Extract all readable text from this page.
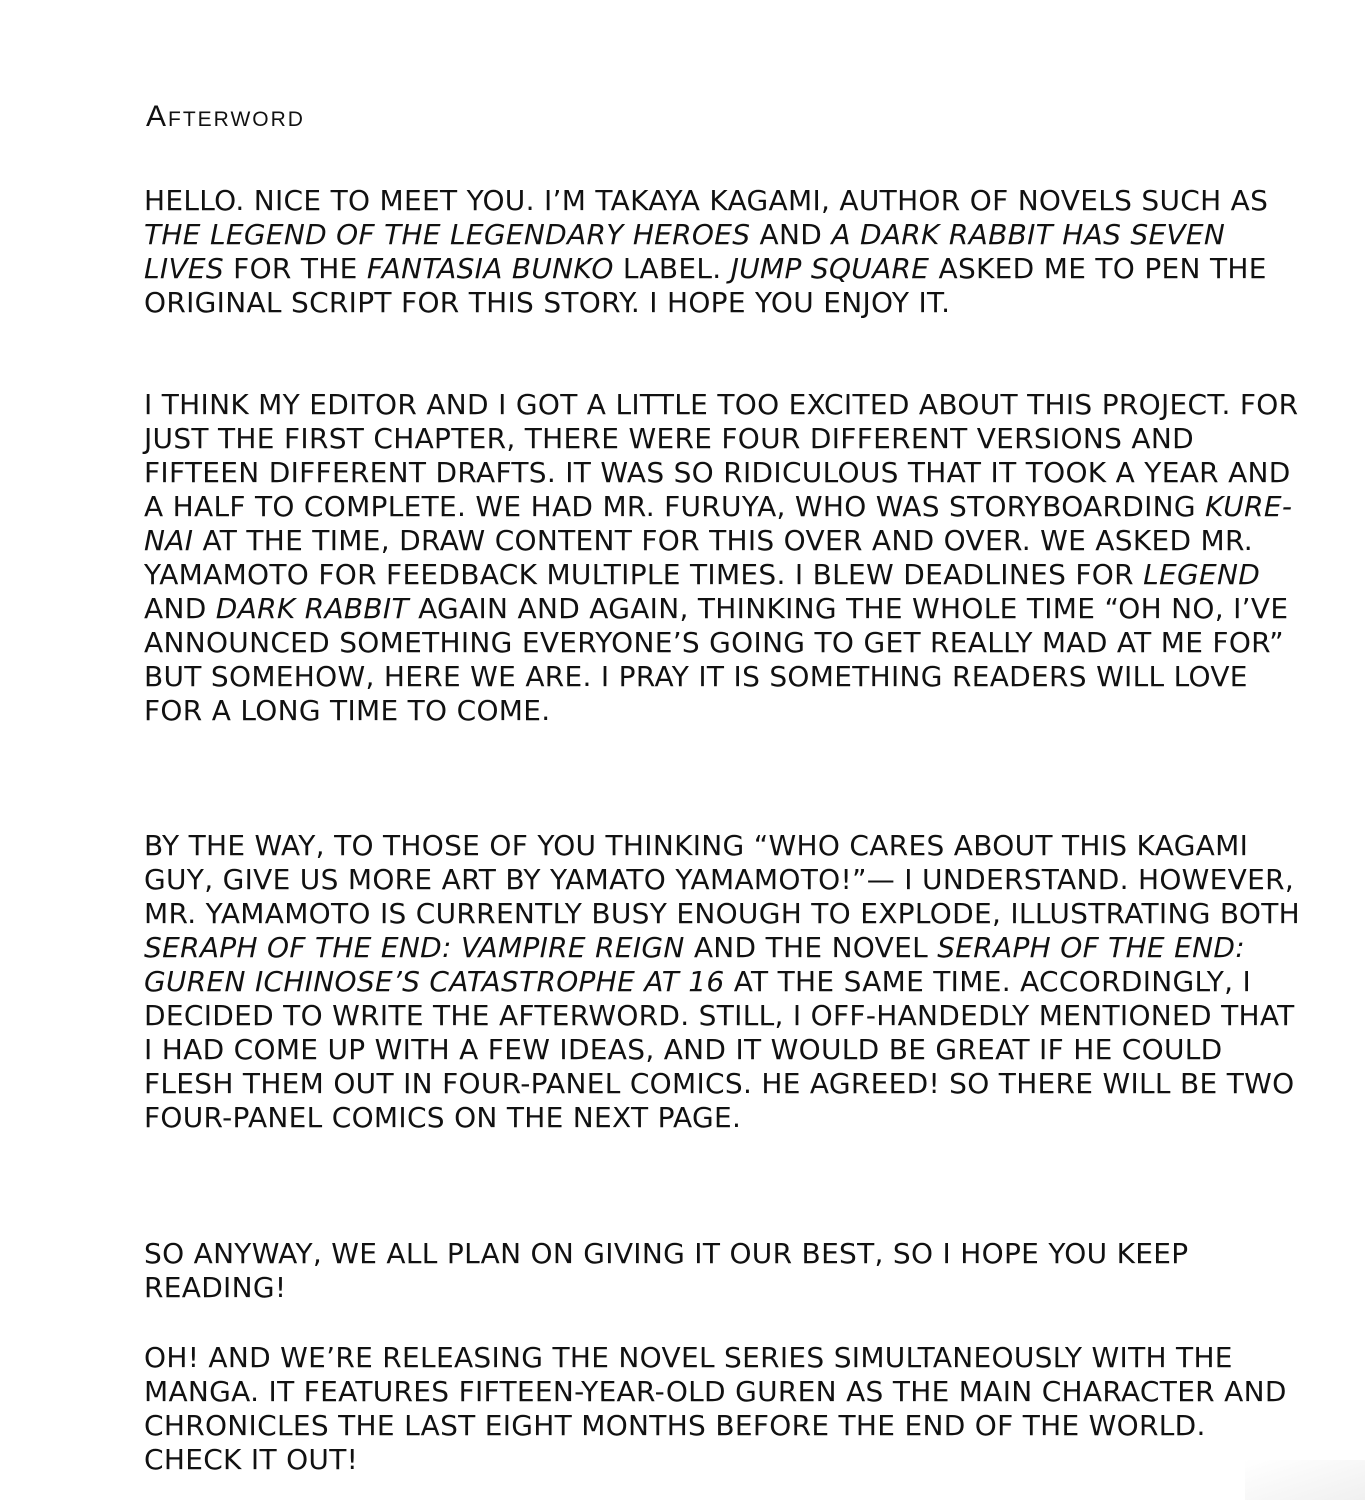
Afterword

HELLO. NICE TO MEET YOU. I’M TAKAYA KAGAMI, AUTHOR OF NOVELS SUCH AS THE LEGEND OF THE LEGENDARY HEROES AND A DARK RABBIT HAS SEVEN LIVES FOR THE FANTASIA BUNKO LABEL. JUMP SQUARE ASKED ME TO PEN THE ORIGINAL SCRIPT FOR THIS STORY. I HOPE YOU ENJOY IT.

I THINK MY EDITOR AND I GOT A LITTLE TOO EXCITED ABOUT THIS PROJECT. FOR JUST THE FIRST CHAPTER, THERE WERE FOUR DIFFERENT VERSIONS AND FIFTEEN DIFFERENT DRAFTS. IT WAS SO RIDICULOUS THAT IT TOOK A YEAR AND A HALF TO COMPLETE. WE HAD MR. FURUYA, WHO WAS STORYBOARDING KURE-NAI AT THE TIME, DRAW CONTENT FOR THIS OVER AND OVER. WE ASKED MR. YAMAMOTO FOR FEEDBACK MULTIPLE TIMES. I BLEW DEADLINES FOR LEGEND AND DARK RABBIT AGAIN AND AGAIN, THINKING THE WHOLE TIME “OH NO, I’VE ANNOUNCED SOMETHING EVERYONE’S GOING TO GET REALLY MAD AT ME FOR” BUT SOMEHOW, HERE WE ARE. I PRAY IT IS SOMETHING READERS WILL LOVE FOR A LONG TIME TO COME.

BY THE WAY, TO THOSE OF YOU THINKING “WHO CARES ABOUT THIS KAGAMI GUY, GIVE US MORE ART BY YAMATO YAMAMOTO!”— I UNDERSTAND. HOWEVER, MR. YAMAMOTO IS CURRENTLY BUSY ENOUGH TO EXPLODE, ILLUSTRATING BOTH SERAPH OF THE END: VAMPIRE REIGN AND THE NOVEL SERAPH OF THE END: GUREN ICHINOSE’S CATASTROPHE AT 16 AT THE SAME TIME. ACCORDINGLY, I DECIDED TO WRITE THE AFTERWORD. STILL, I OFF-HANDEDLY MENTIONED THAT I HAD COME UP WITH A FEW IDEAS, AND IT WOULD BE GREAT IF HE COULD FLESH THEM OUT IN FOUR-PANEL COMICS. HE AGREED! SO THERE WILL BE TWO FOUR-PANEL COMICS ON THE NEXT PAGE.

SO ANYWAY, WE ALL PLAN ON GIVING IT OUR BEST, SO I HOPE YOU KEEP READING!

OH! AND WE’RE RELEASING THE NOVEL SERIES SIMULTANEOUSLY WITH THE MANGA. IT FEATURES FIFTEEN-YEAR-OLD GUREN AS THE MAIN CHARACTER AND CHRONICLES THE LAST EIGHT MONTHS BEFORE THE END OF THE WORLD. CHECK IT OUT!
